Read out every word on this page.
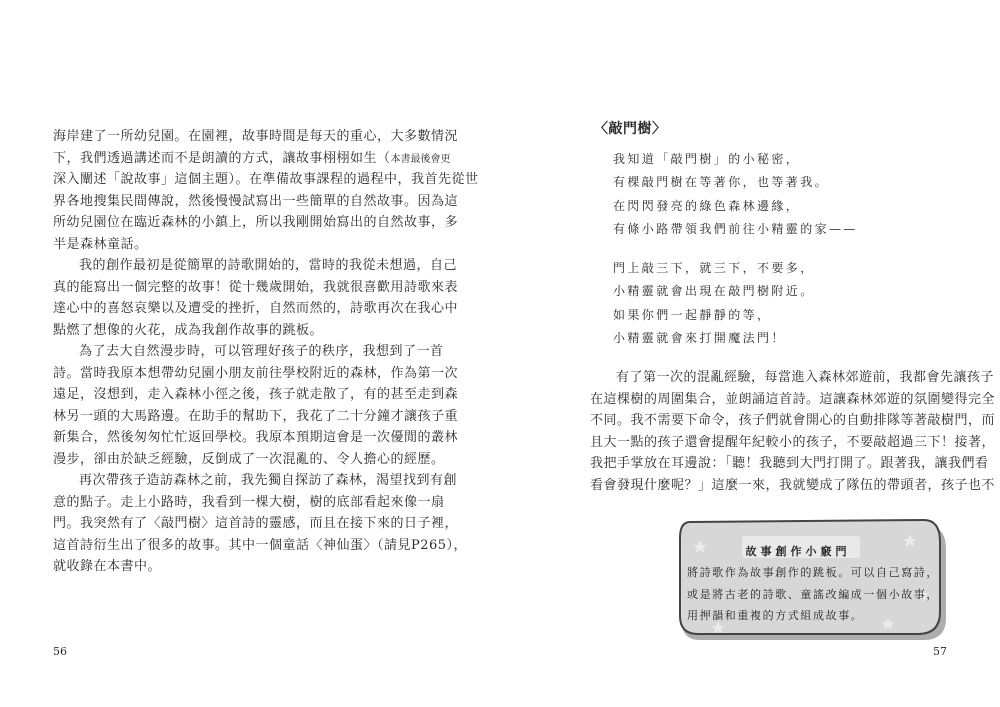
海岸建了一所幼兒園。在園裡，故事時間是每天的重心，大多數情況
下，我們透過講述而不是朗讀的方式，讓故事栩栩如生（本書最後會更
深入闡述「說故事」這個主題）。在準備故事課程的過程中，我首先從世
界各地搜集民間傳說，然後慢慢試寫出一些簡單的自然故事。因為這
所幼兒園位在臨近森林的小鎮上，所以我剛開始寫出的自然故事，多
半是森林童話。
我的創作最初是從簡單的詩歌開始的，當時的我從未想過，自己
真的能寫出一個完整的故事！從十幾歲開始，我就很喜歡用詩歌來表
達心中的喜怒哀樂以及遭受的挫折，自然而然的，詩歌再次在我心中
點燃了想像的火花，成為我創作故事的跳板。
為了去大自然漫步時，可以管理好孩子的秩序，我想到了一首
詩。當時我原本想帶幼兒園小朋友前往學校附近的森林，作為第一次
遠足，沒想到，走入森林小徑之後，孩子就走散了，有的甚至走到森
林另一頭的大馬路邊。在助手的幫助下，我花了二十分鐘才讓孩子重
新集合，然後匆匆忙忙返回學校。我原本預期這會是一次優閒的叢林
漫步，卻由於缺乏經驗，反倒成了一次混亂的、令人擔心的經歷。
再次帶孩子造訪森林之前，我先獨自探訪了森林，渴望找到有創
意的點子。走上小路時，我看到一棵大樹，樹的底部看起來像一扇
門。我突然有了〈敲門樹〉這首詩的靈感，而且在接下來的日子裡，
這首詩衍生出了很多的故事。其中一個童話〈神仙蛋〉（請見P265），
就收錄在本書中。
56
〈敲門樹〉
我知道「敲門樹」的小秘密，
有棵敲門樹在等著你，也等著我。
在閃閃發亮的綠色森林邊緣，
有條小路帶領我們前往小精靈的家——
門上敲三下，就三下，不要多，
小精靈就會出現在敲門樹附近。
如果你們一起靜靜的等，
小精靈就會來打開魔法門！
有了第一次的混亂經驗，每當進入森林郊遊前，我都會先讓孩子
在這棵樹的周圍集合，並朗誦這首詩。這讓森林郊遊的氛圍變得完全
不同。我不需要下命令，孩子們就會開心的自動排隊等著敲樹門，而
且大一點的孩子還會提醒年紀較小的孩子，不要敲超過三下！接著，
我把手掌放在耳邊說：「聽！我聽到大門打開了。跟著我，讓我們看
看會發現什麼呢？」這麼一來，我就變成了隊伍的帶頭者，孩子也不
故事創作小竅門
將詩歌作為故事創作的跳板。可以自己寫詩，
或是將古老的詩歌、童謠改編成一個小故事，
用押韻和重複的方式組成故事。
57
